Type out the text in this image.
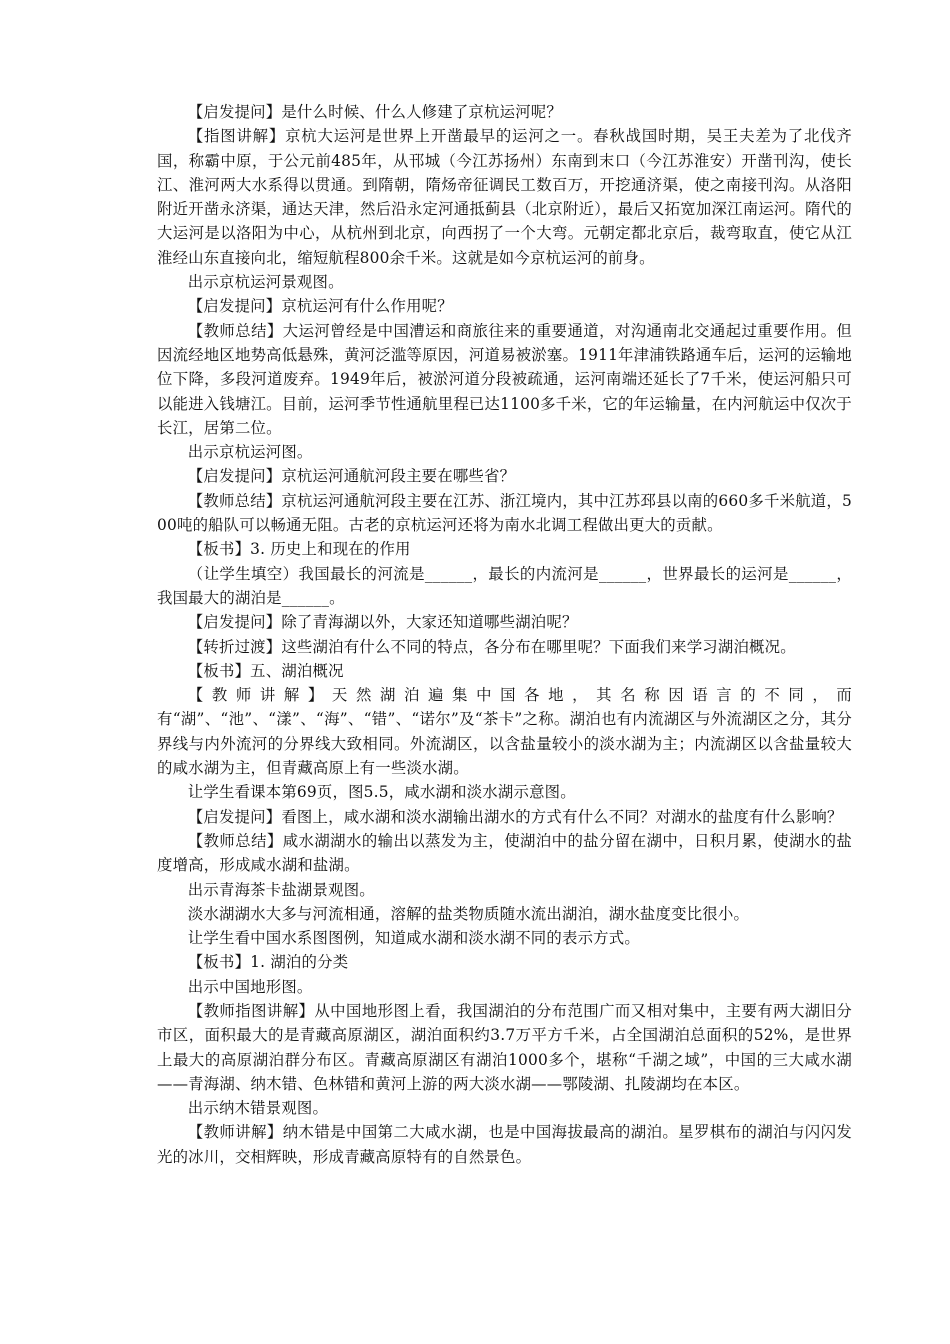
【启发提问】是什么时候、什么人修建了京杭运河呢？

【指图讲解】京杭大运河是世界上开凿最早的运河之一。春秋战国时期，吴王夫差为了北伐齐国，称霸中原，于公元前485年，从邗城（今江苏扬州）东南到末口（今江苏淮安）开凿刊沟，使长江、淮河两大水系得以贯通。到隋朝，隋炀帝征调民工数百万，开挖通济渠，使之南接刊沟。从洛阳附近开凿永济渠，通达天津，然后沿永定河通抵蓟县（北京附近），最后又拓宽加深江南运河。隋代的大运河是以洛阳为中心，从杭州到北京，向西拐了一个大弯。元朝定都北京后，裁弯取直，使它从江淮经山东直接向北，缩短航程800余千米。这就是如今京杭运河的前身。

出示京杭运河景观图。

【启发提问】京杭运河有什么作用呢？

【教师总结】大运河曾经是中国漕运和商旅往来的重要通道，对沟通南北交通起过重要作用。但因流经地区地势高低悬殊，黄河泛滥等原因，河道易被淤塞。1911年津浦铁路通车后，运河的运输地位下降，多段河道废弃。1949年后，被淤河道分段被疏通，运河南端还延长了7千米，使运河船只可以能进入钱塘江。目前，运河季节性通航里程已达1100多千米，它的年运输量，在内河航运中仅次于长江，居第二位。

出示京杭运河图。

【启发提问】京杭运河通航河段主要在哪些省？

【教师总结】京杭运河通航河段主要在江苏、浙江境内，其中江苏邳县以南的660多千米航道，500吨的船队可以畅通无阻。古老的京杭运河还将为南水北调工程做出更大的贡献。

【板书】3. 历史上和现在的作用

（让学生填空）我国最长的河流是______，最长的内流河是______，世界最长的运河是______，我国最大的湖泊是______。

【启发提问】除了青海湖以外，大家还知道哪些湖泊呢？

【转折过渡】这些湖泊有什么不同的特点，各分布在哪里呢？下面我们来学习湖泊概况。

【板书】五、湖泊概况

【教师讲解】天然湖泊遍集中国各地，其名称因语言的不同，而有“湖”、“池”、“漾”、“海”、“错”、“诺尔”及“茶卡”之称。湖泊也有内流湖区与外流湖区之分，其分界线与内外流河的分界线大致相同。外流湖区，以含盐量较小的淡水湖为主；内流湖区以含盐量较大的咸水湖为主，但青藏高原上有一些淡水湖。

让学生看课本第69页，图5.5，咸水湖和淡水湖示意图。

【启发提问】看图上，咸水湖和淡水湖输出湖水的方式有什么不同？对湖水的盐度有什么影响？

【教师总结】咸水湖湖水的输出以蒸发为主，使湖泊中的盐分留在湖中，日积月累，使湖水的盐度增高，形成咸水湖和盐湖。

出示青海茶卡盐湖景观图。

淡水湖湖水大多与河流相通，溶解的盐类物质随水流出湖泊，湖水盐度变比很小。

让学生看中国水系图图例，知道咸水湖和淡水湖不同的表示方式。

【板书】1. 湖泊的分类

出示中国地形图。

【教师指图讲解】从中国地形图上看，我国湖泊的分布范围广而又相对集中，主要有两大湖旧分市区，面积最大的是青藏高原湖区，湖泊面积约3.7万平方千米，占全国湖泊总面积的52%，是世界上最大的高原湖泊群分布区。青藏高原湖区有湖泊1000多个，堪称“千湖之域”，中国的三大咸水湖——青海湖、纳木错、色林错和黄河上游的两大淡水湖——鄂陵湖、扎陵湖均在本区。

出示纳木错景观图。

【教师讲解】纳木错是中国第二大咸水湖，也是中国海拔最高的湖泊。星罗棋布的湖泊与闪闪发光的冰川，交相辉映，形成青藏高原特有的自然景色。
